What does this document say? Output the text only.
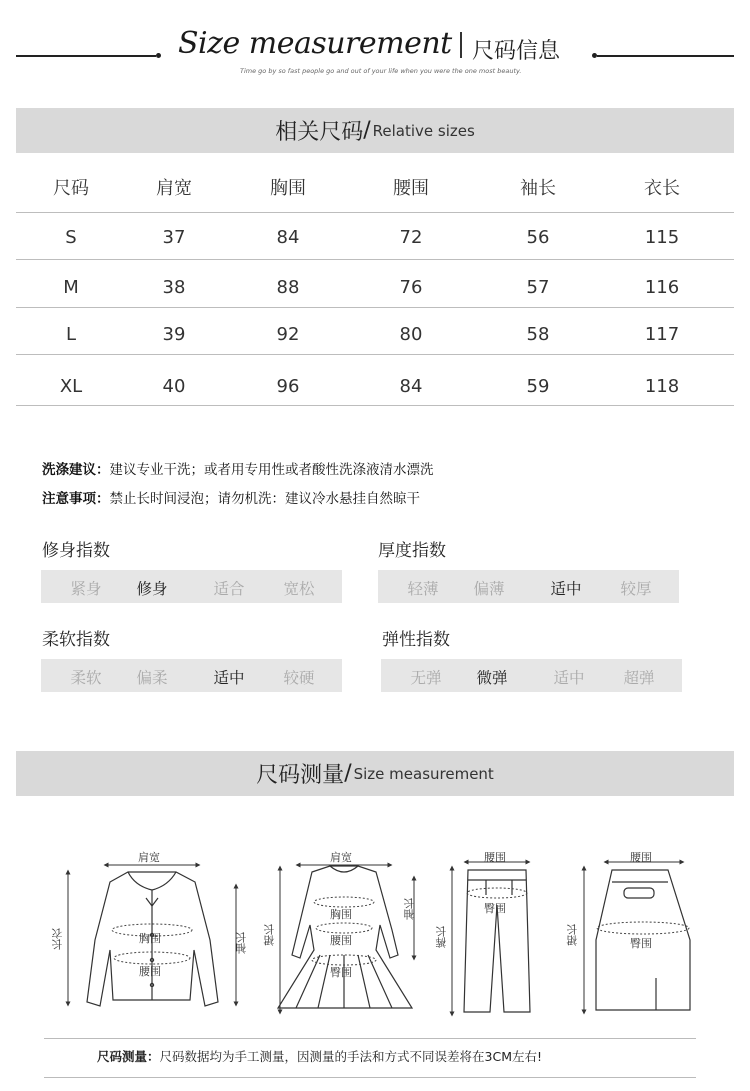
Size measurement 尺码信息
Time go by so fast people go and out of your life when you were the one most beauty.
相关尺码 / Relative sizes
尺码	肩宽	胸围	腰围	袖长	衣长
S	37	84	72	56	115
M	38	88	76	57	116
L	39	92	80	58	117
XL	40	96	84	59	118
洗涤建议：建议专业干洗；或者用专用性或者酸性洗涤液清水漂洗
注意事项：禁止长时间浸泡；请勿机洗：建议冷水悬挂自然晾干
修身指数
紧身 修身	适合	宽松
厚度指数
轻薄 偏薄	适中	较厚
柔软指数
柔软 偏柔	适中	较硬
弹性指数
无弹 微弹	适中	超弹
尺码测量 / Size measurement
肩宽
长衣	袖长
胸围
腰围
肩宽
裙长
袖长
胸围
腰围
臀围
腰围
裤长
臀围
腰围
裙长	臀围
尺码测量：尺码数据均为手工测量，因测量的手法和方式不同误差将在3CM左右!
